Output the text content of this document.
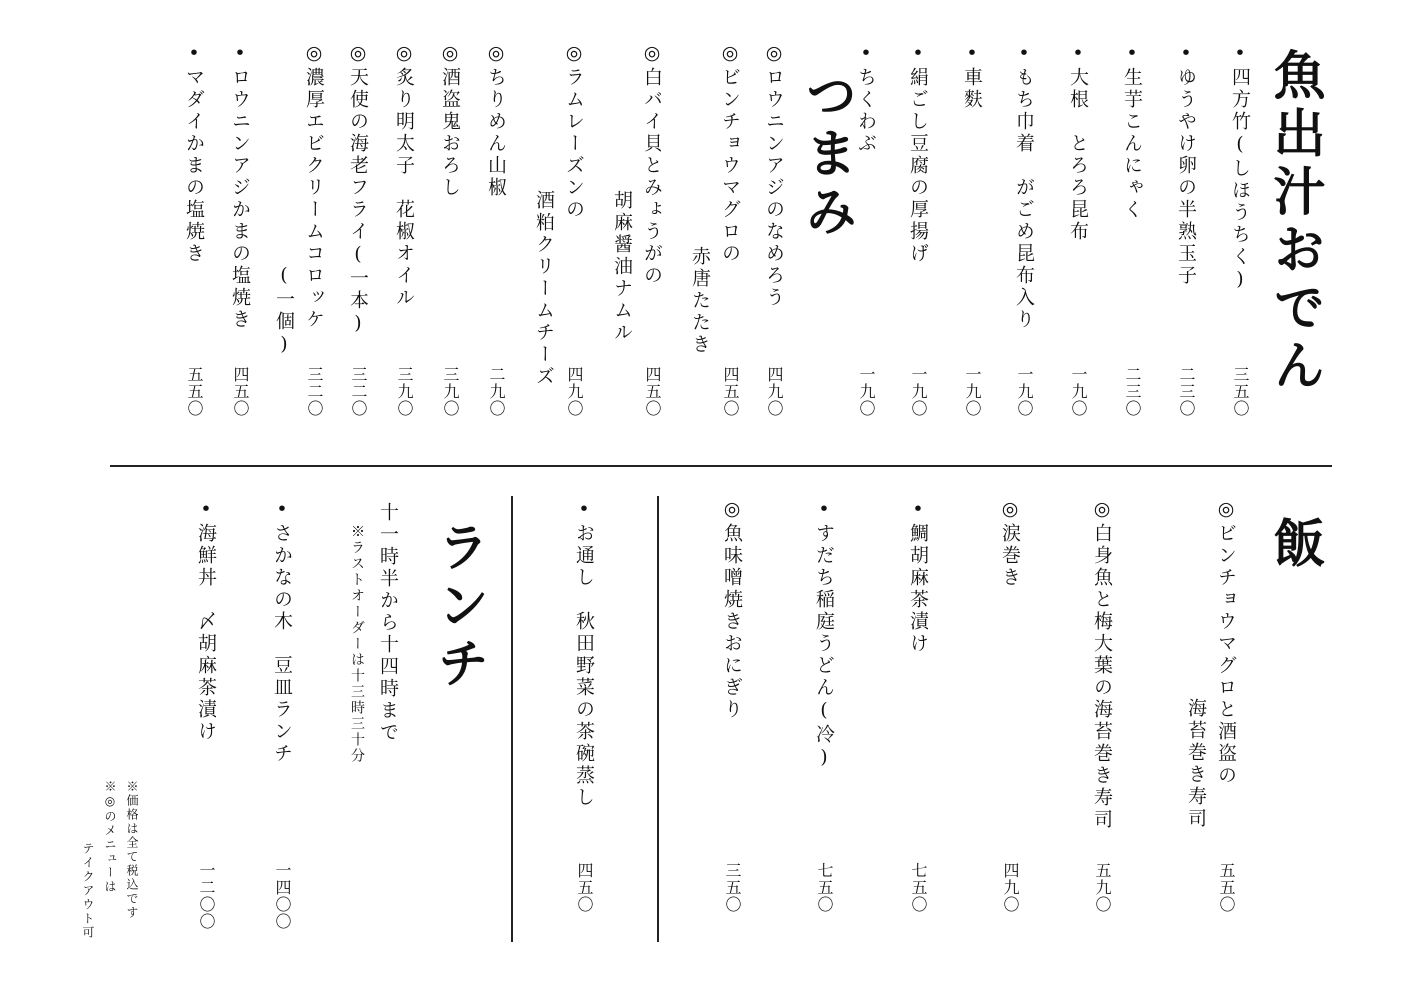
魚出汁おでん
•四方竹(しほうちく)
三五〇
•ゆうやけ卵の半熟玉子
二三〇
•生芋こんにゃく
二三〇
•大根　とろろ昆布
一九〇
•もち巾着　がごめ昆布入り
一九〇
•車麩
一九〇
•絹ごし豆腐の厚揚げ
一九〇
•ちくわぶ
一九〇
つまみ
◎ロウニンアジのなめろう
四九〇
◎ビンチョウマグロの
赤唐たたき
四五〇
◎白バイ貝とみょうがの
胡麻醤油ナムル
四五〇
◎ラムレーズンの
酒粕クリームチーズ
四九〇
◎ちりめん山椒
二九〇
◎酒盗鬼おろし
三九〇
◎炙り明太子　花椒オイル
三九〇
◎天使の海老フライ(一本)
三二〇
◎濃厚エビクリームコロッケ
(一個)
三二〇
•ロウニンアジかまの塩焼き
四五〇
•マダイかまの塩焼き
五五〇
飯
◎ビンチョウマグロと酒盗の
海苔巻き寿司
五五〇
◎白身魚と梅大葉の海苔巻き寿司
五九〇
◎涙巻き
四九〇
•鯛胡麻茶漬け
七五〇
•すだち稲庭うどん(冷)
七五〇
◎魚味噌焼きおにぎり
三五〇
•お通し　秋田野菜の茶碗蒸し
四五〇
ランチ
十一時半から十四時まで
※ラストオーダーは十三時三十分
•さかなの木　豆皿ランチ
一四〇〇
•海鮮丼　〆胡麻茶漬け
一二〇〇
※価格は全て税込です
※◎のメニューは
テイクアウト可
